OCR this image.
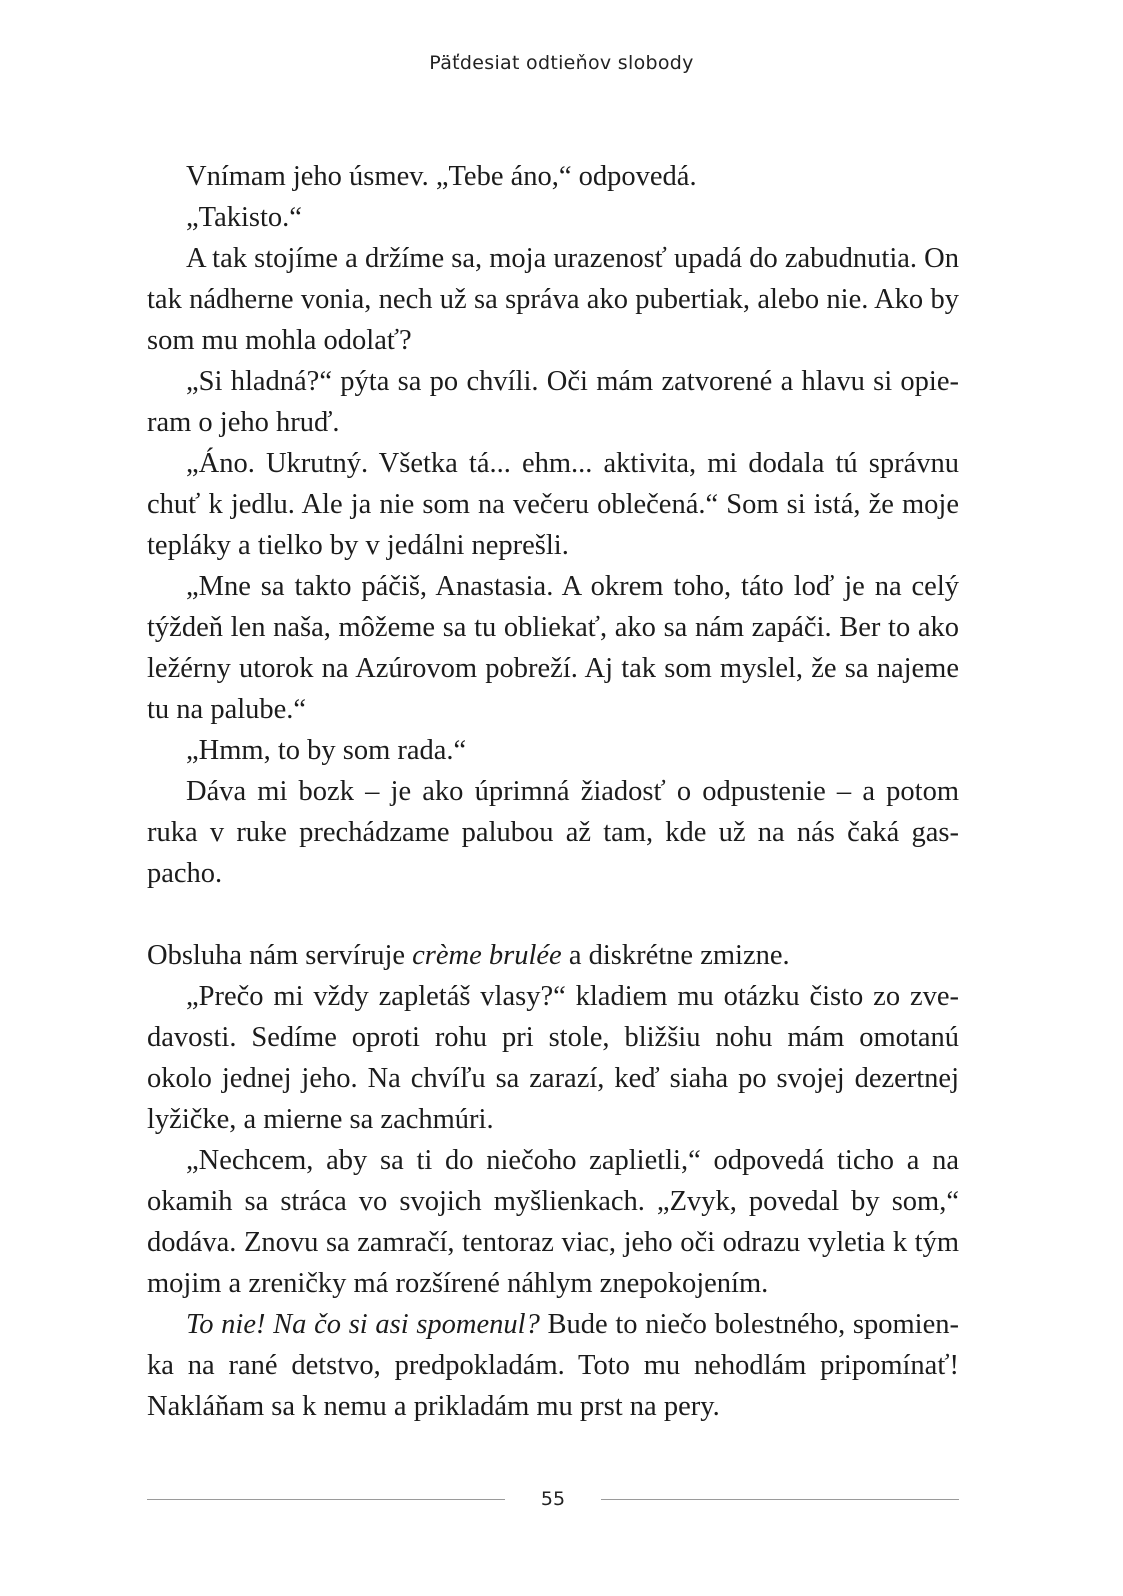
Päťdesiat odtieňov slobody

Vnímam jeho úsmev. „Tebe áno,“ odpovedá.

„Takisto.“

A tak stojíme a držíme sa, moja urazenosť upadá do zabudnutia. On tak nádherne vonia, nech už sa správa ako pubertiak, alebo nie. Ako by som mu mohla odolať?

„Si hladná?“ pýta sa po chvíli. Oči mám zatvorené a hlavu si opieram o jeho hruď.

„Áno. Ukrutný. Všetka tá... ehm... aktivita, mi dodala tú správnu chuť k jedlu. Ale ja nie som na večeru oblečená.“ Som si istá, že moje tepláky a tielko by v jedálni neprešli.

„Mne sa takto páčiš, Anastasia. A okrem toho, táto loď je na celý týždeň len naša, môžeme sa tu obliekať, ako sa nám zapáči. Ber to ako ležérny utorok na Azúrovom pobreží. Aj tak som myslel, že sa najeme tu na palube.“

„Hmm, to by som rada.“

Dáva mi bozk – je ako úprimná žiadosť o odpustenie – a potom ruka v ruke prechádzame palubou až tam, kde už na nás čaká gaspacho.

Obsluha nám servíruje crème brulée a diskrétne zmizne.

„Prečo mi vždy zapletáš vlasy?“ kladiem mu otázku čisto zo zvedavosti. Sedíme oproti rohu pri stole, bližšiu nohu mám omotanú okolo jednej jeho. Na chvíľu sa zarazí, keď siaha po svojej dezertnej lyžičke, a mierne sa zachmúri.

„Nechcem, aby sa ti do niečoho zaplietli,“ odpovedá ticho a na okamih sa stráca vo svojich myšlienkach. „Zvyk, povedal by som,“ dodáva. Znovu sa zamračí, tentoraz viac, jeho oči odrazu vyletia k tým mojim a zreničky má rozšírené náhlym znepokojením.

To nie! Na čo si asi spomenul? Bude to niečo bolestného, spomienka na rané detstvo, predpokladám. Toto mu nehodlám pripomínať! Nakláňam sa k nemu a prikladám mu prst na pery.

55
